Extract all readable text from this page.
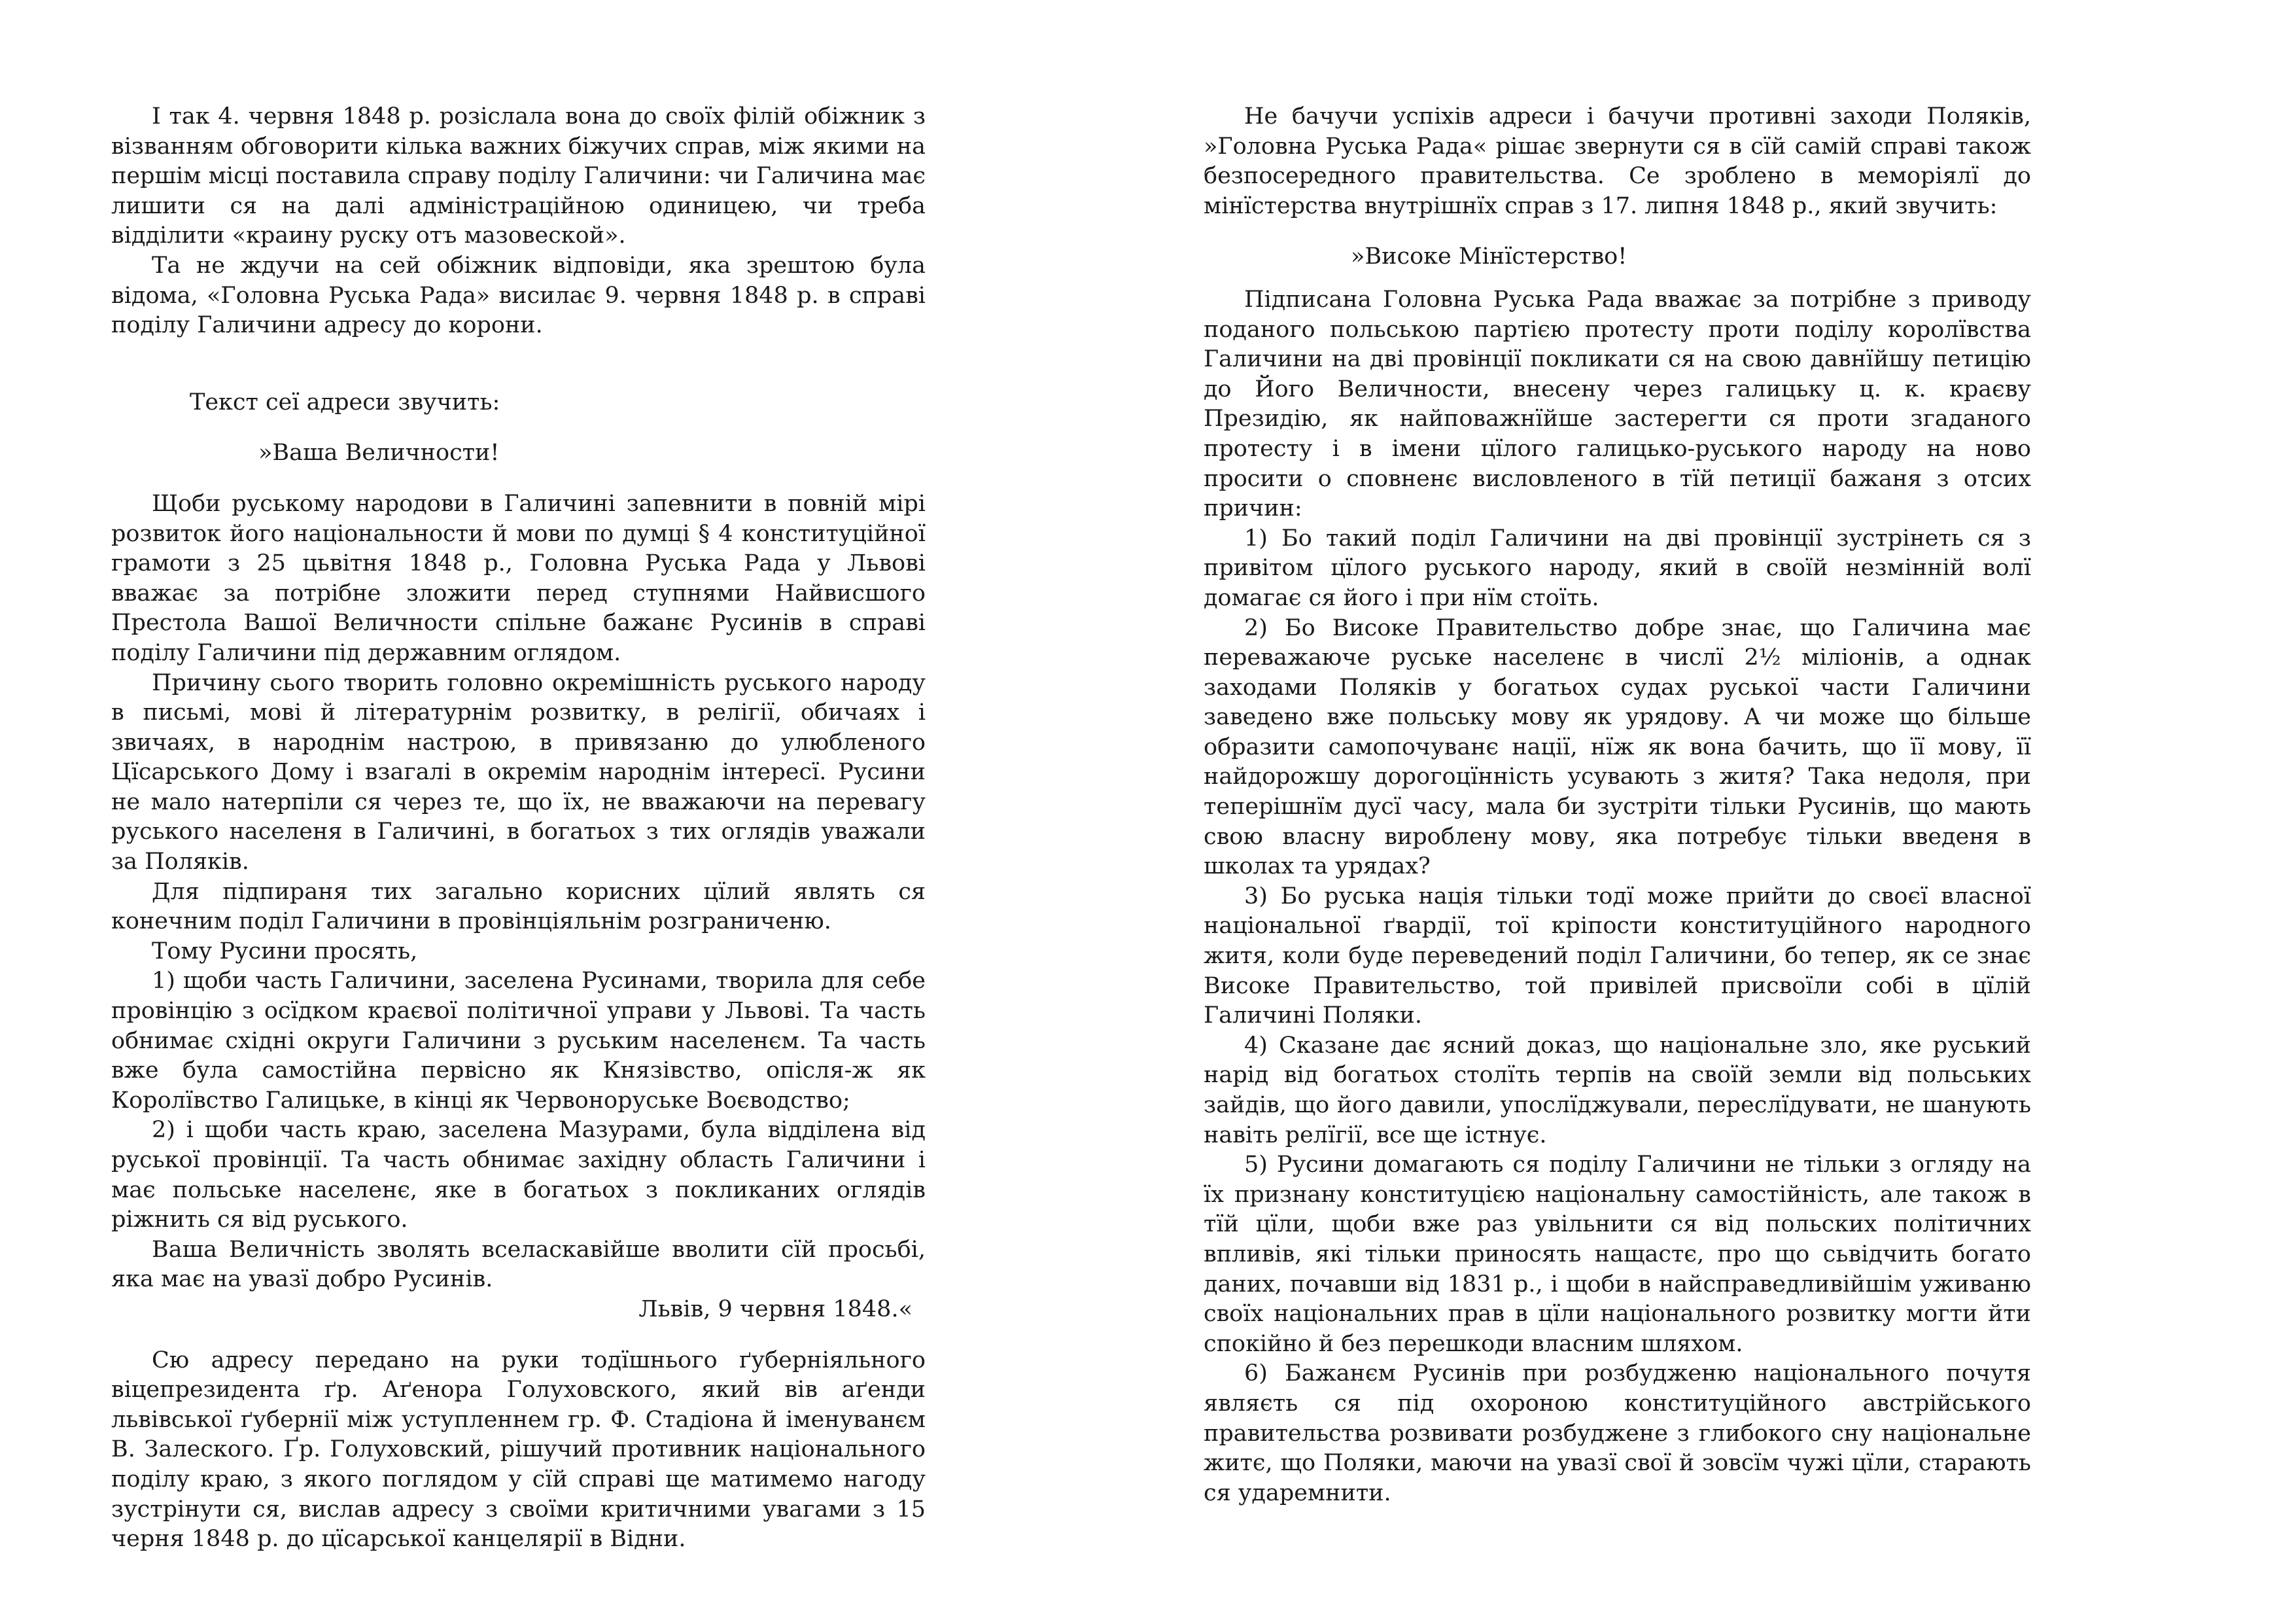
І так 4. червня 1848 р. розіслала вона до своїх філій обіжник з візванням обговорити кілька важних біжучих справ, між якими на першім місці поставила справу поділу Галичини: чи Галичина має лишити ся на далі адміністраційною одиницею, чи треба відділити «краину руску отъ мазовеской».

Та не ждучи на сей обіжник відповіди, яка зрештою була відома, «Головна Руська Рада» висилає 9. червня 1848 р. в справі поділу Галичини адресу до корони.

Текст сеї адреси звучить:

»Ваша Величности!

Щоби руському народови в Галичині запевнити в повній мірі розвиток його національности й мови по думці § 4 конституційної грамоти з 25 цьвітня 1848 р., Головна Руська Рада у Львові вважає за потрібне зложити перед ступнями Найвисшого Престола Вашої Величности спільне бажанє Русинів в справі поділу Галичини під державним оглядом.

Причину сього творить головно окремішність руського народу в письмі, мові й літературнім розвитку, в релігії, обичаях і звичаях, в народнім настрою, в привязаню до улюбленого Цїсарського Дому і взагалі в окремім народнім інтересї. Русини не мало натерпіли ся через те, що їх, не вважаючи на перевагу руського населеня в Галичині, в богатьох з тих оглядів уважали за Поляків.

Для підпираня тих загально корисних цїлий являть ся конечним поділ Галичини в провінціяльнім розграниченю.

Тому Русини просять,

1) щоби часть Галичини, заселена Русинами, творила для себе провінцію з осїдком краєвої політичної управи у Львові. Та часть обнимає східні округи Галичини з руським населенєм. Та часть вже була самостійна первісно як Князівство, опісля-ж як Королївство Галицьке, в кінці як Червоноруське Воєводство;

2) і щоби часть краю, заселена Мазурами, була відділена від руської провінції. Та часть обнимає західну область Галичини і має польське населенє, яке в богатьох з покликаних оглядів ріжнить ся від руського.

Ваша Величність зволять вселаскавійше вволити сїй просьбі, яка має на увазї добро Русинів.

Львів, 9 червня 1848.«

Сю адресу передано на руки тодїшнього ґуберніяльного віцепрезидента ґр. Аґенора Голуховского, який вів аґенди львівської ґубернії між уступленнем гр. Ф. Стадіона й іменуванєм В. Залеского. Ґр. Голуховский, рішучий противник національного поділу краю, з якого поглядом у сїй справі ще матимемо нагоду зустрінути ся, вислав адресу з своїми критичними увагами з 15 черня 1848 р. до цїсарської канцелярії в Відни.

Не бачучи успіхів адреси і бачучи противні заходи Поляків, »Головна Руська Рада« рішає звернути ся в сїй самій справі також безпосередного правительства. Се зроблено в меморіялї до мінїстерства внутрішнїх справ з 17. липня 1848 р., який звучить:

»Високе Мінїстерство!

Підписана Головна Руська Рада вважає за потрібне з приводу поданого польською партією протесту проти поділу королївства Галичини на дві провінції покликати ся на свою давнїйшу петицію до Його Величности, внесену через галицьку ц. к. краєву Президію, як найповажнїйше застерегти ся проти згаданого протесту і в імени цїлого галицько-руського народу на ново просити о сповненє висловленого в тїй петиції бажаня з отсих причин:

1) Бо такий поділ Галичини на дві провінції зустрінеть ся з привітом цїлого руського народу, який в своїй незмінній волї домагає ся його і при нїм стоїть.

2) Бо Високе Правительство добре знає, що Галичина має переважаюче руське населенє в числї 2½ міліонів, а однак заходами Поляків у богатьох судах руської части Галичини заведено вже польську мову як урядову. А чи може що більше образити самопочуванє нації, нїж як вона бачить, що її мову, її найдорожшу дорогоцїнність усувають з житя? Така недоля, при теперішнїм дусї часу, мала би зустріти тільки Русинів, що мають свою власну вироблену мову, яка потребує тільки введеня в школах та урядах?

3) Бо руська нація тільки тодї може прийти до своєї власної національної ґвардії, тої кріпости конституційного народного житя, коли буде переведений поділ Галичини, бо тепер, як се знає Високе Правительство, той привілей присвоїли собі в цїлій Галичині Поляки.

4) Сказане дає ясний доказ, що національне зло, яке руський нарід від богатьох столїть терпів на своїй земли від польських зайдів, що його давили, упослїджували, переслїдувати, не шанують навіть релїгії, все ще істнує.

5) Русини домагають ся поділу Галичини не тільки з огляду на їх признану конституцією національну самостійність, але також в тїй цїли, щоби вже раз увільнити ся від польских політичних впливів, які тільки приносять нащастє, про що сьвідчить богато даних, почавши від 1831 р., і щоби в найсправедливійшім уживаню своїх національних прав в цїли національного розвитку могти йти спокійно й без перешкоди власним шляхом.

6) Бажанєм Русинів при розбудженю національного почутя являєть ся під охороною конституційного австрійського правительства розвивати розбуджене з глибокого сну національне житє, що Поляки, маючи на увазї свої й зовсїм чужі цїли, старають ся ударемнити.
